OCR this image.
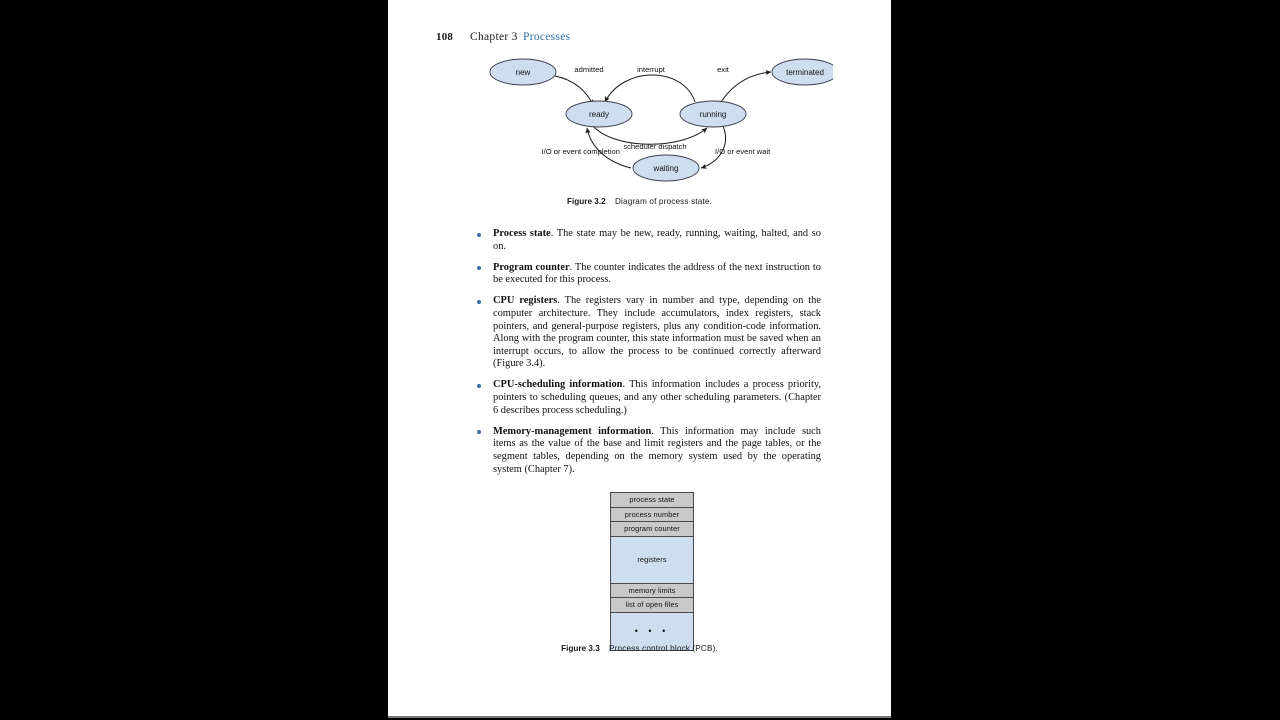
108 Chapter 3 Processes
new
ready	running
terminated
waiting
admitted	interrupt	exit
scheduler dispatch
I/O or event wait
I/O or event completion
Figure 3.2 Diagram of process state.
Process state. The state may be new, ready, running, waiting, halted, and so on.
Program counter. The counter indicates the address of the next instruction to be executed for this process.
CPU registers. The registers vary in number and type, depending on the computer architecture. They include accumulators, index registers, stack pointers, and general-purpose registers, plus any condition-code information. Along with the program counter, this state information must be saved when an interrupt occurs, to allow the process to be continued correctly afterward (Figure 3.4).
CPU-scheduling information. This information includes a process priority, pointers to scheduling queues, and any other scheduling parameters. (Chapter 6 describes process scheduling.)
Memory-management information. This information may include such items as the value of the base and limit registers and the page tables, or the segment tables, depending on the memory system used by the operating system (Chapter 7).
process state
process number
program counter
registers
memory limits
list of open files
• • •
Figure 3.3 Process control block (PCB).
